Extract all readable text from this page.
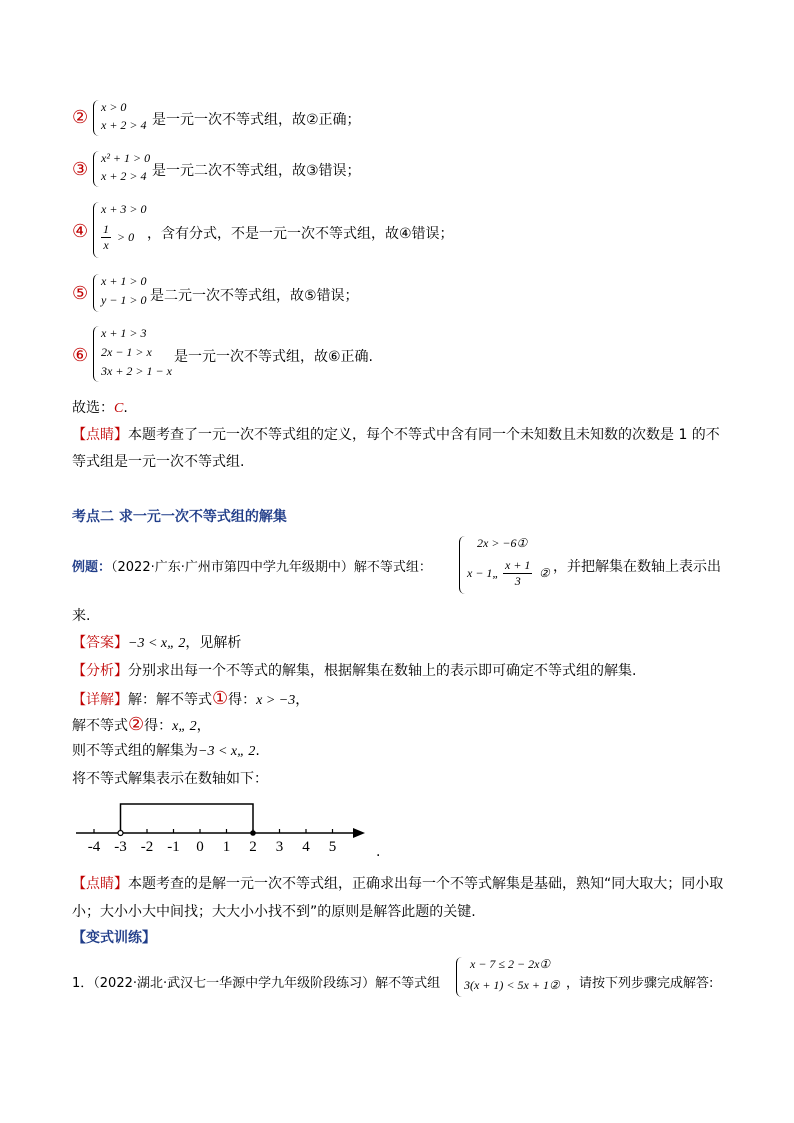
② x > 0
x + 2 > 4 是一元一次不等式组，故②正确；
③
x² + 1 > 0
x + 2 > 4 是一元二次不等式组，故③错误；
④
x + 3 > 0
$\frac{1}{x} > 0$ ，含有分式，不是一元一次不等式组，故④错误；
⑤
x + 1 > 0
y − 1 > 0 是二元一次不等式组，故⑤错误；
⑥
x + 1 > 3
2x − 1 > x
3x + 2 > 1 − x
是一元一次不等式组，故⑥正确.
故选：C.
【点睛】本题考查了一元一次不等式组的定义，每个不等式中含有同一个未知数且未知数的次数是 1 的不
等式组是一元一次不等式组.
考点二 求一元一次不等式组的解集
例题：（2022·广东·广州市第四中学九年级期中）解不等式组：
2x > −6①
x − 1„ $\frac{x + 1}{3}$ ② ，并把解集在数轴上表示出
来.
【答案】−3 < x„ 2，见解析
【分析】分别求出每一个不等式的解集，根据解集在数轴上的表示即可确定不等式组的解集.
【详解】解：解不等式①得：x > −3，
解不等式②得：x„ 2，
则不等式组的解集为−3 < x„ 2.
将不等式解集表示在数轴如下：
-4 -3 -2 -1 0 1 2 3 4 5	.
【点睛】本题考查的是解一元一次不等式组，正确求出每一个不等式解集是基础，熟知“同大取大；同小取
小；大小小大中间找；大大小小找不到”的原则是解答此题的关键.
【变式训练】
1．（2022·湖北·武汉七一华源中学九年级阶段练习）解不等式组
x − 7 ≤ 2 − 2x①
3(x + 1) < 5x + 1② ，请按下列步骤完成解答:
